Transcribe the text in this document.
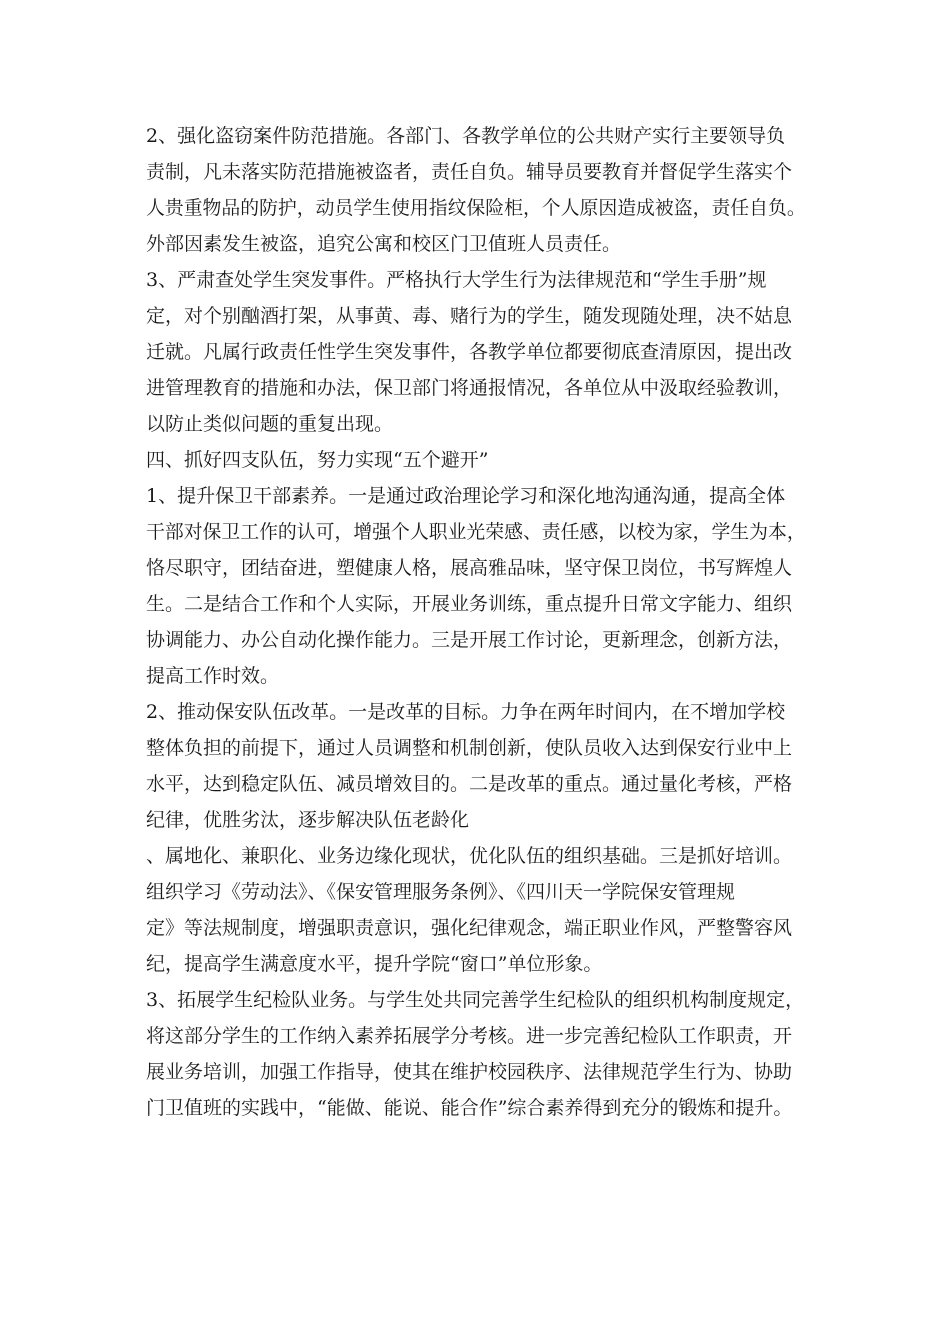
2、强化盗窃案件防范措施。各部门、各教学单位的公共财产实行主要领导负

责制，凡未落实防范措施被盗者，责任自负。辅导员要教育并督促学生落实个

人贵重物品的防护，动员学生使用指纹保险柜，个人原因造成被盗，责任自负。

外部因素发生被盗，追究公寓和校区门卫值班人员责任。

3、严肃查处学生突发事件。严格执行大学生行为法律规范和“学生手册”规

定，对个别酗酒打架，从事黄、毒、赌行为的学生，随发现随处理，决不姑息

迁就。凡属行政责任性学生突发事件，各教学单位都要彻底查清原因，提出改

进管理教育的措施和办法，保卫部门将通报情况，各单位从中汲取经验教训，

以防止类似问题的重复出现。

四、抓好四支队伍，努力实现“五个避开”

1、提升保卫干部素养。一是通过政治理论学习和深化地沟通沟通，提高全体

干部对保卫工作的认可，增强个人职业光荣感、责任感，以校为家，学生为本，

恪尽职守，团结奋进，塑健康人格，展高雅品味，坚守保卫岗位，书写辉煌人

生。二是结合工作和个人实际，开展业务训练，重点提升日常文字能力、组织

协调能力、办公自动化操作能力。三是开展工作讨论，更新理念，创新方法，

提高工作时效。

2、推动保安队伍改革。一是改革的目标。力争在两年时间内，在不增加学校

整体负担的前提下，通过人员调整和机制创新，使队员收入达到保安行业中上

水平，达到稳定队伍、减员增效目的。二是改革的重点。通过量化考核，严格

纪律，优胜劣汰，逐步解决队伍老龄化

、属地化、兼职化、业务边缘化现状，优化队伍的组织基础。三是抓好培训。

组织学习《劳动法》、《保安管理服务条例》、《四川天一学院保安管理规

定》等法规制度，增强职责意识，强化纪律观念，端正职业作风，严整警容风

纪，提高学生满意度水平，提升学院“窗口”单位形象。

3、拓展学生纪检队业务。与学生处共同完善学生纪检队的组织机构制度规定，

将这部分学生的工作纳入素养拓展学分考核。进一步完善纪检队工作职责，开

展业务培训，加强工作指导，使其在维护校园秩序、法律规范学生行为、协助

门卫值班的实践中，“能做、能说、能合作”综合素养得到充分的锻炼和提升。
